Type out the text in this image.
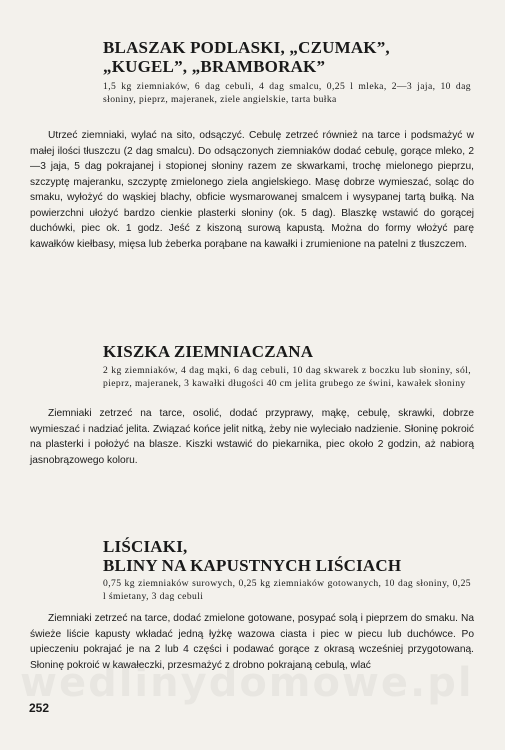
BLASZAK PODLASKI, „CZUMAK”,
„KUGEL”, „BRAMBORAK”

1,5 kg ziemniaków, 6 dag cebuli, 4 dag smalcu, 0,25 l mleka, 2—3 jaja, 10 dag słoniny, pieprz, majeranek, ziele angielskie, tarta bułka

Utrzeć ziemniaki, wylać na sito, odsączyć. Cebulę zetrzeć również na tarce i podsmażyć w małej ilości tłuszczu (2 dag smalcu). Do odsączonych ziemniaków dodać cebulę, gorące mleko, 2—3 jaja, 5 dag pokrajanej i stopionej słoniny razem ze skwarkami, trochę mielonego pieprzu, szczyptę majeranku, szczyptę zmielonego ziela angielskiego. Masę dobrze wymieszać, soląc do smaku, wyłożyć do wąskiej blachy, obficie wysmarowanej smalcem i wysypanej tartą bułką. Na powierzchni ułożyć bardzo cienkie plasterki słoniny (ok. 5 dag). Blaszkę wstawić do gorącej duchówki, piec ok. 1 godz. Jeść z kiszoną surową kapustą. Można do formy włożyć parę kawałków kiełbasy, mięsa lub żeberka porąbane na kawałki i zrumienione na patelni z tłuszczem.

KISZKA ZIEMNIACZANA

2 kg ziemniaków, 4 dag mąki, 6 dag cebuli, 10 dag skwarek z boczku lub słoniny, sól, pieprz, majeranek, 3 kawałki długości 40 cm jelita grubego ze świni, kawałek słoniny

Ziemniaki zetrzeć na tarce, osolić, dodać przyprawy, mąkę, cebulę, skrawki, dobrze wymieszać i nadziać jelita. Związać końce jelit nitką, żeby nie wyleciało nadzienie. Słoninę pokroić na plasterki i położyć na blasze. Kiszki wstawić do piekarnika, piec około 2 godzin, aż nabiorą jasnobrązowego koloru.

LIŚCIAKI,
BLINY NA KAPUSTNYCH LIŚCIACH

0,75 kg ziemniaków surowych, 0,25 kg ziemniaków gotowanych, 10 dag słoniny, 0,25 l śmietany, 3 dag cebuli

Ziemniaki zetrzeć na tarce, dodać zmielone gotowane, posypać solą i pieprzem do smaku. Na świeże liście kapusty wkładać jedną łyżkę wazowa ciasta i piec w piecu lub duchówce. Po upieczeniu pokrajać je na 2 lub 4 części i podawać gorące z okrasą wcześniej przygotowaną. Słoninę pokroić w kawałeczki, przesmażyć z drobno pokrajaną cebulą, wlać

252
